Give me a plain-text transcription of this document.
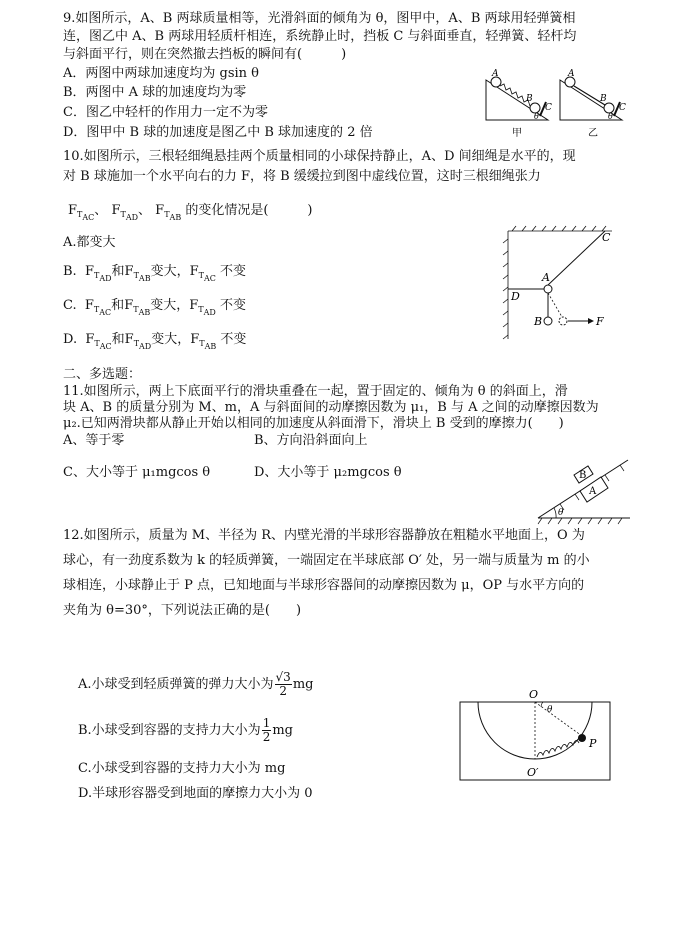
9.如图所示，A、B 两球质量相等，光滑斜面的倾角为 θ，图甲中，A、B 两球用轻弹簧相
连，图乙中 A、B 两球用轻质杆相连，系统静止时，挡板 C 与斜面垂直，轻弹簧、轻杆均
与斜面平行，则在突然撤去挡板的瞬间有(　　　)
A．两图中两球加速度均为 gsin θ
B．两图中 A 球的加速度均为零
C．图乙中轻杆的作用力一定不为零
D．图甲中 B 球的加速度是图乙中 B 球加速度的 2 倍
A
B
C
θ
甲
A
B
C
θ
乙
10.如图所示，三根轻细绳悬挂两个质量相同的小球保持静止，A、D 间细绳是水平的，现
对 B 球施加一个水平向右的力 F，将 B 缓缓拉到图中虚线位置，这时三根细绳张力
$F_{T_{AC}}$、 $F_{T_{AD}}$、 $F_{T_{AB}}$ 的变化情况是(　　　)
A.都变大
B. $F_{T_{AD}}$和$F_{T_{AB}}$变大，$F_{T_{AC}}$ 不变
C. $F_{T_{AC}}$和$F_{T_{AB}}$变大，$F_{T_{AD}}$ 不变
D. $F_{T_{AC}}$和$F_{T_{AD}}$变大，$F_{T_{AB}}$ 不变
C
A
D
B	F
二、多选题：
11.如图所示，两上下底面平行的滑块重叠在一起，置于固定的、倾角为 θ 的斜面上，滑
块 A、B 的质量分别为 M、m，A 与斜面间的动摩擦因数为 μ₁，B 与 A 之间的动摩擦因数为
μ₂.已知两滑块都从静止开始以相同的加速度从斜面滑下，滑块上 B 受到的摩擦力(　　)
A、等于零	B、方向沿斜面向上
C、大小等于 μ₁mgcos θ	D、大小等于 μ₂mgcos θ
A
B
θ
12.如图所示，质量为 M、半径为 R、内壁光滑的半球形容器静放在粗糙水平地面上，O 为
球心，有一劲度系数为 k 的轻质弹簧，一端固定在半球底部 O′ 处，另一端与质量为 m 的小
球相连，小球静止于 P 点，已知地面与半球形容器间的动摩擦因数为 μ，OP 与水平方向的
夹角为 θ=30°，下列说法正确的是(　　)
A.小球受到轻质弹簧的弹力大小为 $\frac{√3}{2}$ mg
B.小球受到容器的支持力大小为 $\frac{1}{2}$ mg
C.小球受到容器的支持力大小为 mg
D.半球形容器受到地面的摩擦力大小为 0
O
θ
P
O′
